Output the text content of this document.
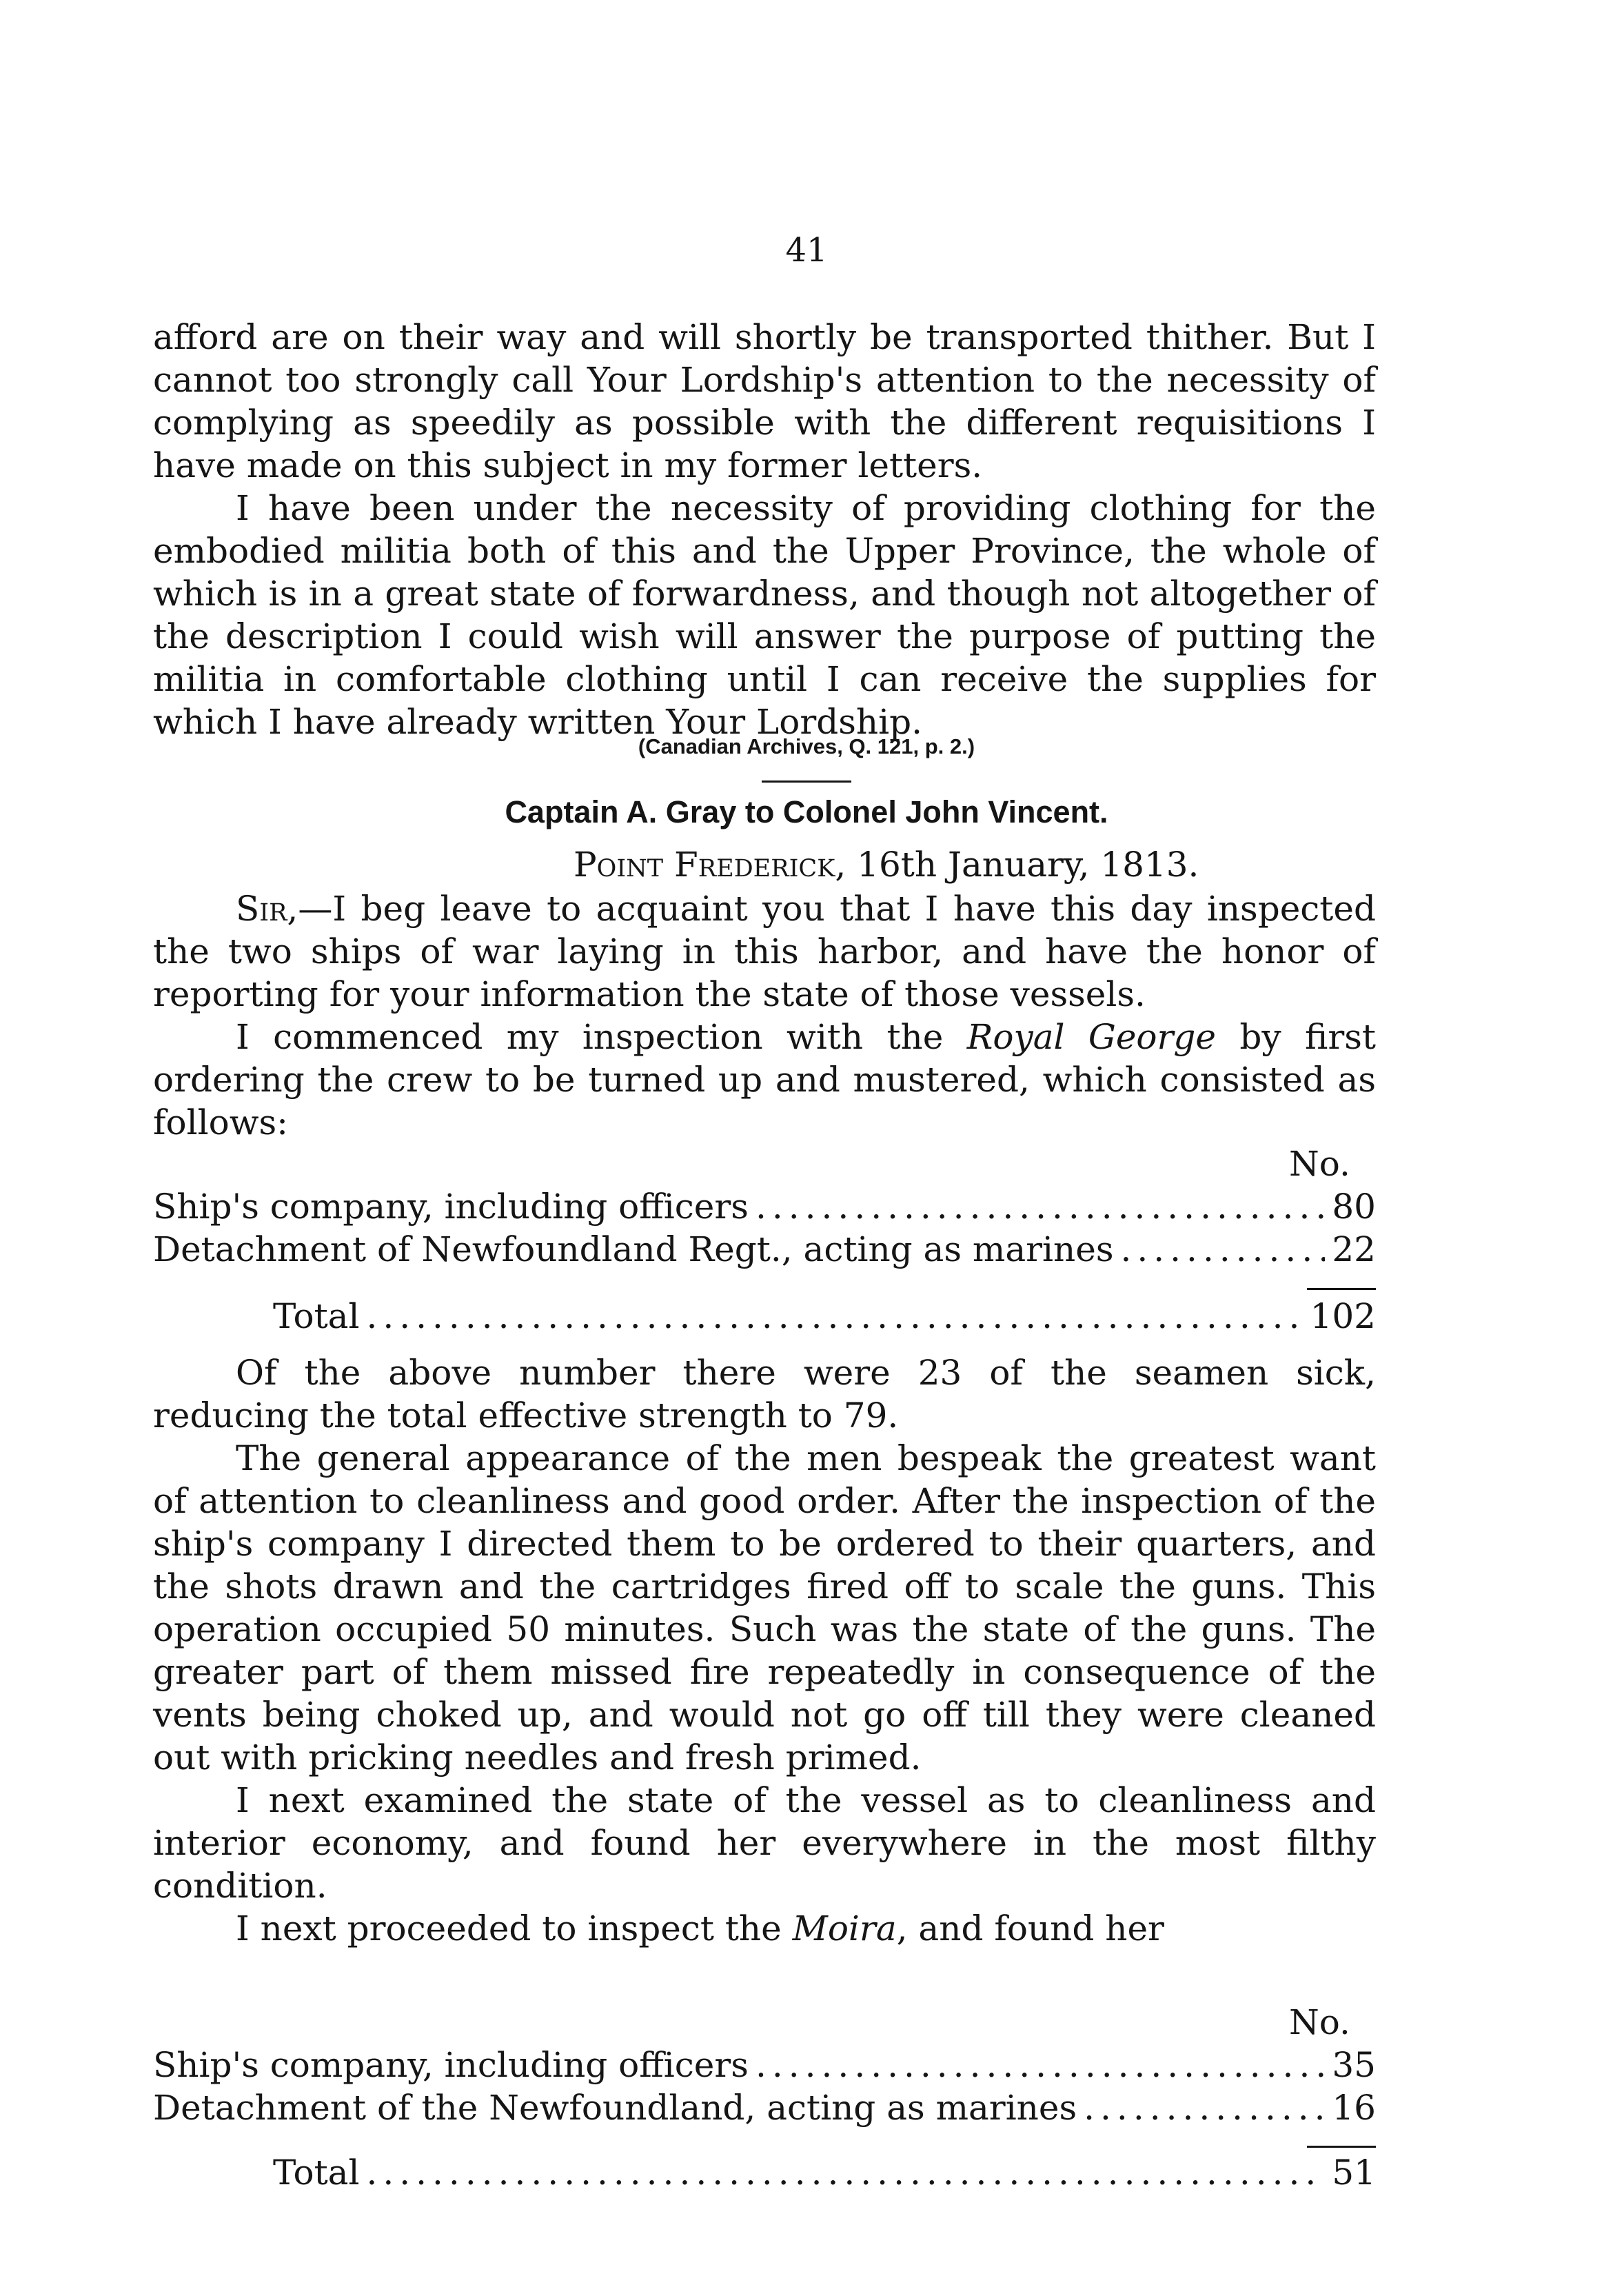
41

afford are on their way and will shortly be transported thither. But I cannot too strongly call Your Lordship's attention to the necessity of complying as speedily as possible with the different requisitions I have made on this subject in my former letters.

I have been under the necessity of providing clothing for the embodied militia both of this and the Upper Province, the whole of which is in a great state of forwardness, and though not altogether of the description I could wish will answer the purpose of putting the militia in comfortable clothing until I can receive the supplies for which I have already written Your Lordship.

(Canadian Archives, Q. 121, p. 2.)
Captain A. Gray to Colonel John Vincent.
Point Frederick, 16th January, 1813.

Sir,—I beg leave to acquaint you that I have this day inspected the two ships of war laying in this harbor, and have the honor of reporting for your information the state of those vessels.

I commenced my inspection with the Royal George by first ordering the crew to be turned up and mustered, which consisted as follows:

No.
Ship's company, including officers .....	80
Detachment of Newfoundland Regt., acting as marines .....	22
Total .....	102

Of the above number there were 23 of the seamen sick, reducing the total effective strength to 79.

The general appearance of the men bespeak the greatest want of attention to cleanliness and good order. After the inspection of the ship's company I directed them to be ordered to their quarters, and the shots drawn and the cartridges fired off to scale the guns. This operation occupied 50 minutes. Such was the state of the guns. The greater part of them missed fire repeatedly in consequence of the vents being choked up, and would not go off till they were cleaned out with pricking needles and fresh primed.

I next examined the state of the vessel as to cleanliness and interior economy, and found her everywhere in the most filthy condition.

I next proceeded to inspect the Moira, and found her

No.
Ship's company, including officers .....	35
Detachment of the Newfoundland, acting as marines .....	16
Total .....	51
